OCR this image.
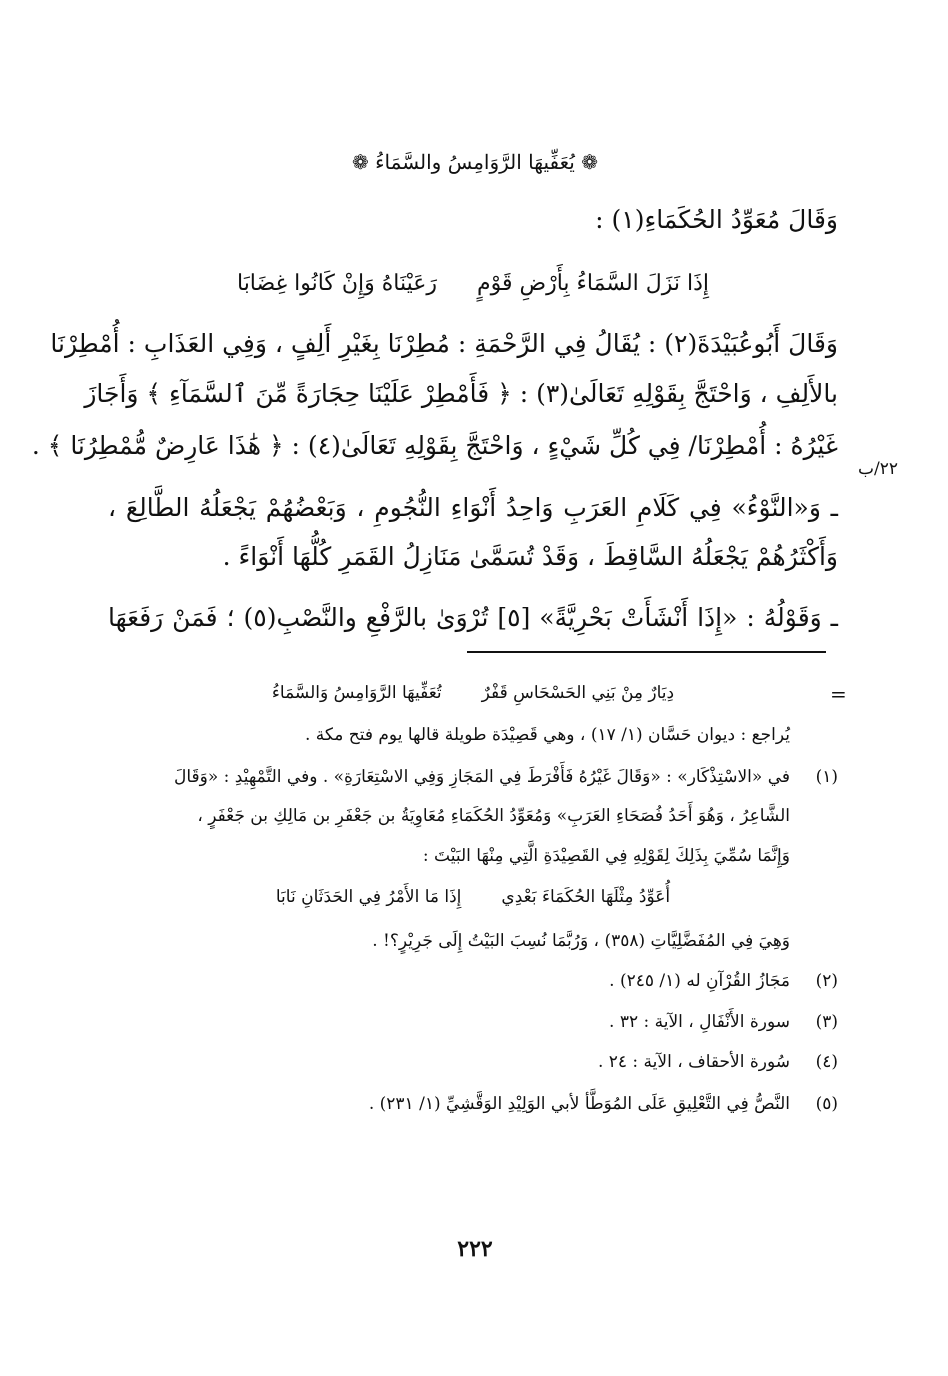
❁ يُعَفِّيهَا الرَّوَامِسُ والسَّمَاءُ ❁
وَقَالَ مُعَوِّدُ الحُكَمَاءِ(١) :
إِذَا نَزَلَ السَّمَاءُ بِأَرْضِ قَوْمٍ
رَعَيْنَاهُ وَإِنْ كَانُوا غِضَابَا
وَقَالَ أَبُوعُبَيْدَةَ(٢) : يُقَالُ فِي الرَّحْمَةِ : مُطِرْنَا بِغَيْرِ أَلِفٍ ، وَفِي العَذَابِ : أُمْطِرْنَا
بالأَلِفِ ، وَاحْتَجَّ بِقَوْلِهِ تَعَالَىٰ(٣) : ﴿ فَأَمْطِرْ عَلَيْنَا حِجَارَةً مِّنَ ٱلسَّمَآءِ ﴾ وَأَجَازَ
غَيْرُهُ : أُمْطِرْنَا/ فِي كُلِّ شَيْءٍ ، وَاحْتَجَّ بِقَوْلِهِ تَعَالَىٰ(٤) : ﴿ هَٰذَا عَارِضٌ مُّمْطِرُنَا ﴾ .
٢٢/ب
ـ وَ«النَّوْءُ» فِي كَلَامِ العَرَبِ وَاحِدُ أَنْوَاءِ النُّجُومِ ، وَبَعْضُهُمْ يَجْعَلُهُ الطَّالِعَ ،
وَأَكْثَرُهُمْ يَجْعَلُهُ السَّاقِطَ ، وَقَدْ تُسَمَّىٰ مَنَازِلُ القَمَرِ كُلُّهَا أَنْوَاءً .
ـ وَقَوْلُهُ : «إِذَا أَنْشَأَتْ بَحْرِيَّةً» [٥] تُرْوَىٰ بالرَّفْعِ والنَّصْبِ(٥) ؛ فَمَنْ رَفَعَهَا
=
دِيَارٌ مِنْ بَنِي الحَسْحَاسِ قَفْرٌ
تُعَفِّيهَا الرَّوَامِسُ وَالسَّمَاءُ
يُراجع : ديوان حَسَّان (١/ ١٧) ، وهي قَصِيْدَة طويلة قالها يوم فتح مكة .
(١)
في «الاسْتِذْكَار» : «وَقَالَ غَيْرُهُ فَأَفْرَطَ فِي المَجَازِ وَفِي الاسْتِعَارَةِ» . وفي التَّمْهِيْدِ : «وَقَالَ
الشَّاعِرُ ، وَهُوَ أَحَدُ فُصَحَاءِ العَرَبِ» وَمُعَوِّدُ الحُكَمَاءِ مُعَاوِيَةُ بن جَعْفَرِ بن مَالِكِ بن جَعْفَرٍ ،
وَإِنَّمَا سُمِّيَ بِذَلِكَ لِقَوْلِهِ فِي القَصِيْدَةِ الَّتِي مِنْهَا البَيْتَ :
أُعَوِّدُ مِثْلَهَا الحُكَمَاءَ بَعْدِي
إِذَا مَا الأَمْرُ فِي الحَدَثَانِ نَابَا
وَهِيَ فِي المُفَضَّلِيَّاتِ (٣٥٨) ، وَرُبَّمَا نُسِبَ البَيْتُ إِلَى جَرِيْرٍ؟! .
(٢)
مَجَازُ القُرْآنِ له (١/ ٢٤٥) .
(٣)
سورة الأَنْفَالِ ، الآية : ٣٢ .
(٤)
سُورة الأحقاف ، الآية : ٢٤ .
(٥)
النَّصُّ فِي التَّعْلِيقِ عَلَى المُوَطَّأ لأبي الوَلِيْدِ الوَقَّشِيِّ (١/ ٢٣١) .
٢٢٢
